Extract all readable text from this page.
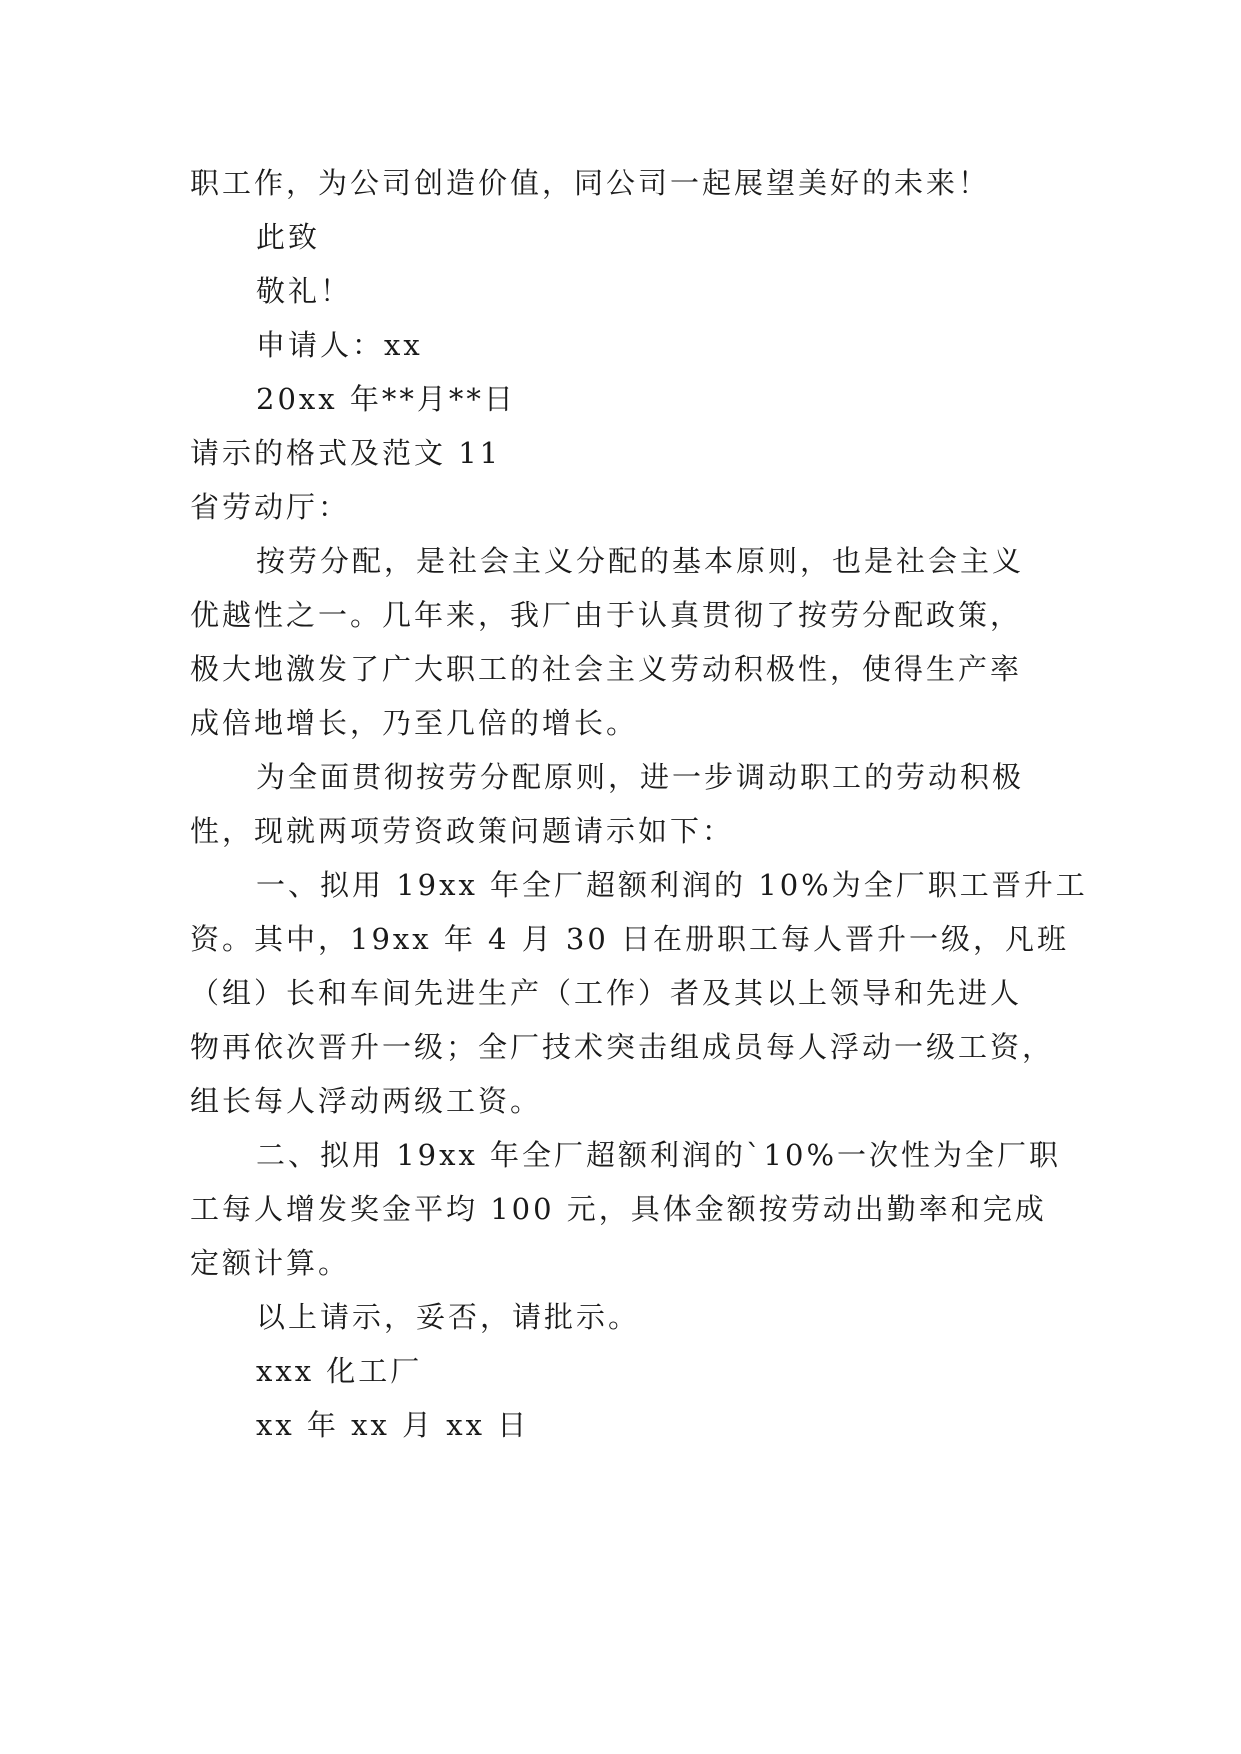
职工作，为公司创造价值，同公司一起展望美好的未来！
此致
敬礼！
申请人：xx
20xx 年**月**日
请示的格式及范文 11
省劳动厅：
按劳分配，是社会主义分配的基本原则，也是社会主义
优越性之一。几年来，我厂由于认真贯彻了按劳分配政策，
极大地激发了广大职工的社会主义劳动积极性，使得生产率
成倍地增长，乃至几倍的增长。
为全面贯彻按劳分配原则，进一步调动职工的劳动积极
性，现就两项劳资政策问题请示如下：
一、拟用 19xx 年全厂超额利润的 10%为全厂职工晋升工
资。其中，19xx 年 4 月 30 日在册职工每人晋升一级，凡班
（组）长和车间先进生产（工作）者及其以上领导和先进人
物再依次晋升一级；全厂技术突击组成员每人浮动一级工资，
组长每人浮动两级工资。
二、拟用 19xx 年全厂超额利润的`10%一次性为全厂职
工每人增发奖金平均 100 元，具体金额按劳动出勤率和完成
定额计算。
以上请示，妥否，请批示。
xxx 化工厂
xx 年 xx 月 xx 日
